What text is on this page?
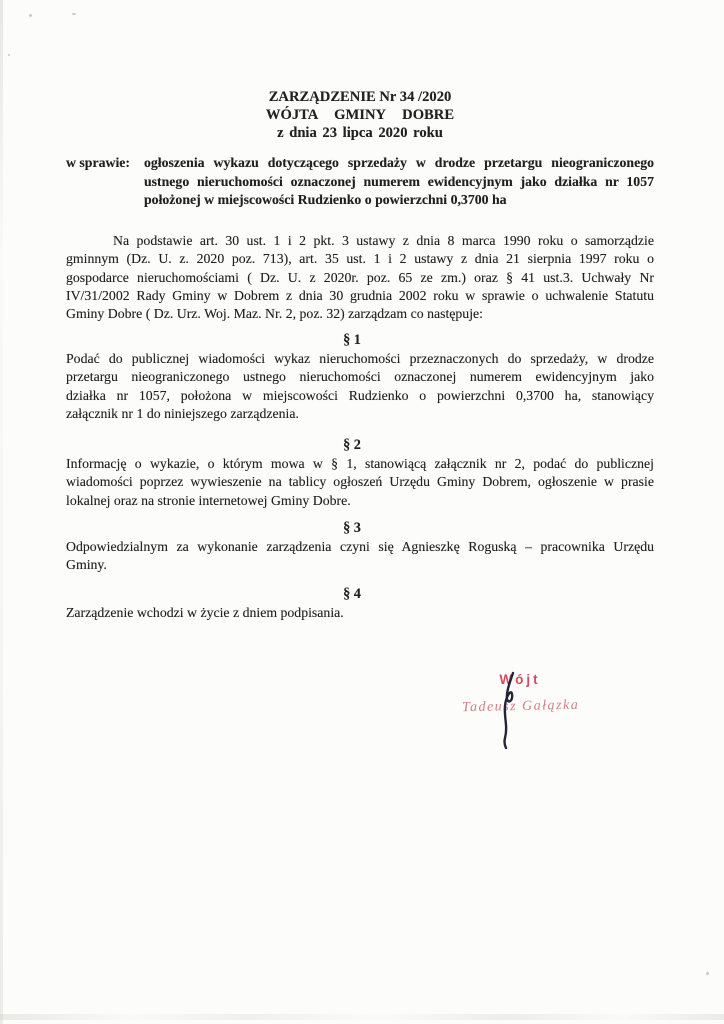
ZARZĄDZENIE Nr 34 /2020
WÓJTA GMINY DOBRE
z dnia 23 lipca 2020 roku
w sprawie: ogłoszenia wykazu dotyczącego sprzedaży w drodze przetargu nieograniczonego
ustnego nieruchomości oznaczonej numerem ewidencyjnym jako działka nr 1057
położonej w miejscowości Rudzienko o powierzchni 0,3700 ha
Na podstawie art. 30 ust. 1 i 2 pkt. 3 ustawy z dnia 8 marca 1990 roku o samorządzie
gminnym (Dz. U. z. 2020 poz. 713), art. 35 ust. 1 i 2 ustawy z dnia 21 sierpnia 1997 roku o
gospodarce nieruchomościami ( Dz. U. z 2020r. poz. 65 ze zm.) oraz § 41 ust.3. Uchwały Nr
IV/31/2002 Rady Gminy w Dobrem z dnia 30 grudnia 2002 roku w sprawie o uchwalenie Statutu
Gminy Dobre ( Dz. Urz. Woj. Maz. Nr. 2, poz. 32) zarządzam co następuje:
§ 1
Podać do publicznej wiadomości wykaz nieruchomości przeznaczonych do sprzedaży, w drodze
przetargu nieograniczonego ustnego nieruchomości oznaczonej numerem ewidencyjnym jako
działka nr 1057, położona w miejscowości Rudzienko o powierzchni 0,3700 ha, stanowiący
załącznik nr 1 do niniejszego zarządzenia.
§ 2
Informację o wykazie, o którym mowa w § 1, stanowiącą załącznik nr 2, podać do publicznej
wiadomości poprzez wywieszenie na tablicy ogłoszeń Urzędu Gminy Dobrem, ogłoszenie w prasie
lokalnej oraz na stronie internetowej Gminy Dobre.
§ 3
Odpowiedzialnym za wykonanie zarządzenia czyni się Agnieszkę Roguską – pracownika Urzędu
Gminy.
§ 4
Zarządzenie wchodzi w życie z dniem podpisania.
Wójt
Tadeusz Gałązka
